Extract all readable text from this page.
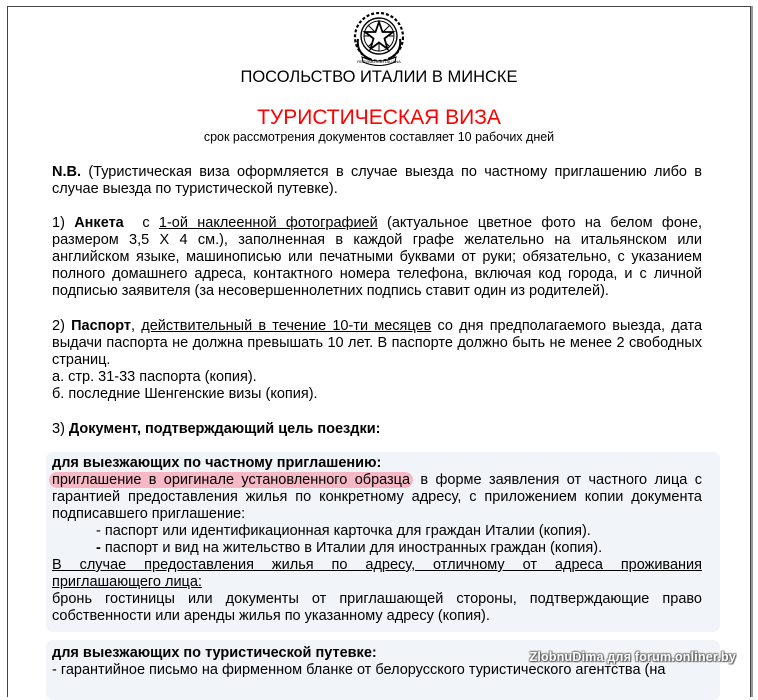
REPVBBLICA ITALIANA
ПОСОЛЬСТВО ИТАЛИИ В МИНСКЕ
ТУРИСТИЧЕСКАЯ ВИЗА
срок рассмотрения документов составляет 10 рабочих дней
N.B. (Туристическая виза оформляется в случае выезда по частному приглашению либо в случае выезда по туристической путевке).
1) Анкета  с 1-ой наклеенной фотографией (актуальное цветное фото на белом фоне, размером 3,5 Х 4 см.), заполненная в каждой графе желательно на итальянском или английском языке, машинописью или печатными буквами от руки; обязательно, с указанием полного домашнего адреса, контактного номера телефона, включая код города, и с личной подписью заявителя (за несовершеннолетних подпись ставит один из родителей).
2) Паспорт, действительный в течение 10-ти месяцев со дня предполагаемого выезда, дата выдачи паспорта не должна превышать 10 лет. В паспорте должно быть не менее 2 свободных страниц.

а. стр. 31-33 паспорта (копия).

б. последние Шенгенские визы (копия).

3) Документ, подтверждающий цель поездки:

для выезжающих по частному приглашению:

приглашение в оригинале установленного образца в форме заявления от частного лица с гарантией предоставления жилья по конкретному адресу, с приложением копии документа подписавшего приглашение:

- паспорт или идентификационная карточка для граждан Италии (копия).

- паспорт и вид на жительство в Италии для иностранных граждан (копия).

В случае предоставления жилья по адресу, отличному от адреса проживания

приглашающего лица:

бронь гостиницы или документы от приглашающей стороны, подтверждающие право собственности или аренды жилья по указанному адресу (копия).

для выезжающих по туристической путевке:

- гарантийное письмо на фирменном бланке от белорусского туристического агентства (на

ZlobnuDima для forum.onliner.by
